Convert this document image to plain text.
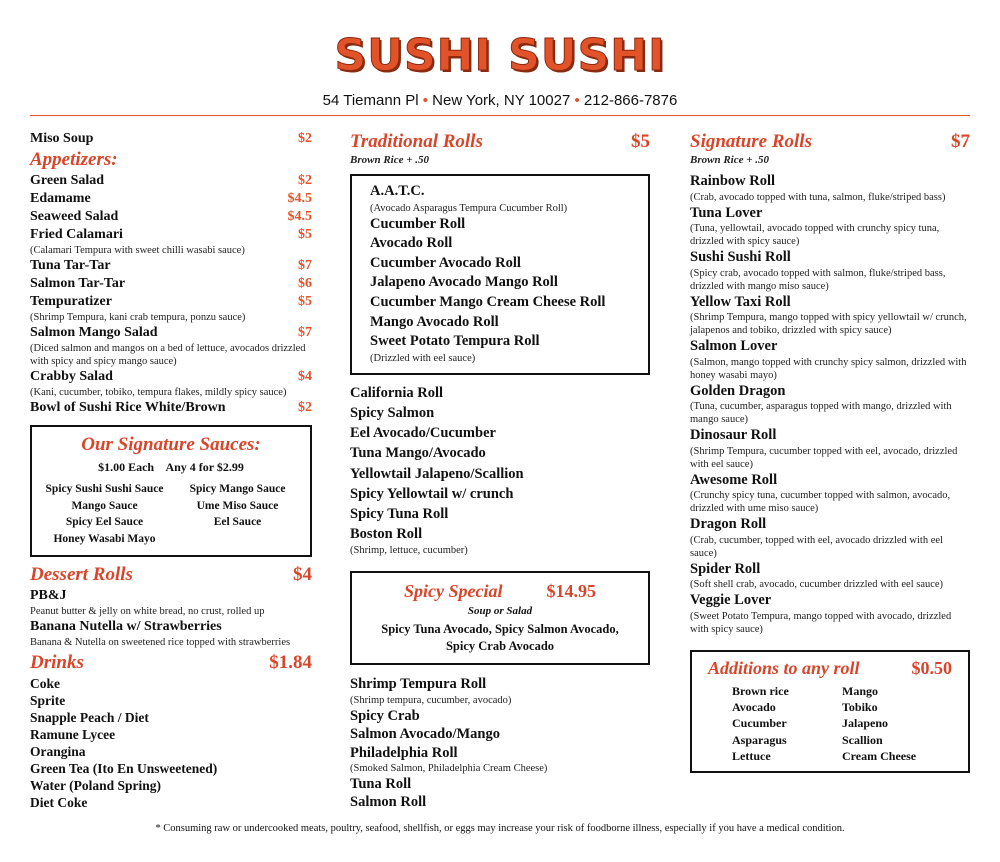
SUSHI SUSHI
54 Tiemann Pl • New York, NY 10027 • 212-866-7876
Miso Soup	$2
Appetizers:
Green Salad	$2
Edamame	$4.5
Seaweed Salad	$4.5
Fried Calamari	$5
(Calamari Tempura with sweet chilli wasabi sauce)
Tuna Tar-Tar	$7
Salmon Tar-Tar	$6
Tempuratizer	$5
(Shrimp Tempura, kani crab tempura, ponzu sauce)
Salmon Mango Salad	$7
(Diced salmon and mangos on a bed of lettuce, avocados drizzled with spicy and spicy mango sauce)
Crabby Salad	$4
(Kani, cucumber, tobiko, tempura flakes, mildly spicy sauce)
Bowl of Sushi Rice White/Brown	$2
Our Signature Sauces:
$1.00 Each Any 4 for $2.99
Spicy Sushi Sushi Sauce	Spicy Mango Sauce
Mango Sauce	Ume Miso Sauce
Spicy Eel Sauce	Eel Sauce
Honey Wasabi Mayo
Dessert Rolls	$4
PB&J
Peanut butter & jelly on white bread, no crust, rolled up
Banana Nutella w/ Strawberries
Banana & Nutella on sweetened rice topped with strawberries
Drinks	$1.84
Coke
Sprite
Snapple Peach / Diet
Ramune Lycee
Orangina
Green Tea (Ito En Unsweetened)
Water (Poland Spring)
Diet Coke
Traditional Rolls	$5
Brown Rice + .50
A.A.T.C.
(Avocado Asparagus Tempura Cucumber Roll)
Cucumber Roll
Avocado Roll
Cucumber Avocado Roll
Jalapeno Avocado Mango Roll
Cucumber Mango Cream Cheese Roll
Mango Avocado Roll
Sweet Potato Tempura Roll
(Drizzled with eel sauce)
California Roll
Spicy Salmon
Eel Avocado/Cucumber
Tuna Mango/Avocado
Yellowtail Jalapeno/Scallion
Spicy Yellowtail w/ crunch
Spicy Tuna Roll
Boston Roll
(Shrimp, lettuce, cucumber)
Spicy Special $14.95
Soup or Salad
Spicy Tuna Avocado, Spicy Salmon Avocado,
Spicy Crab Avocado
Shrimp Tempura Roll
(Shrimp tempura, cucumber, avocado)
Spicy Crab
Salmon Avocado/Mango
Philadelphia Roll
(Smoked Salmon, Philadelphia Cream Cheese)
Tuna Roll
Salmon Roll
Signature Rolls	$7
Brown Rice + .50
Rainbow Roll
(Crab, avocado topped with tuna, salmon, fluke/striped bass)
Tuna Lover
(Tuna, yellowtail, avocado topped with crunchy spicy tuna, drizzled with spicy sauce)
Sushi Sushi Roll
(Spicy crab, avocado topped with salmon, fluke/striped bass, drizzled with mango miso sauce)
Yellow Taxi Roll
(Shrimp Tempura, mango topped with spicy yellowtail w/ crunch, jalapenos and tobiko, drizzled with spicy sauce)
Salmon Lover
(Salmon, mango topped with crunchy spicy salmon, drizzled with honey wasabi mayo)
Golden Dragon
(Tuna, cucumber, asparagus topped with mango, drizzled with mango sauce)
Dinosaur Roll
(Shrimp Tempura, cucumber topped with eel, avocado, drizzled with eel sauce)
Awesome Roll
(Crunchy spicy tuna, cucumber topped with salmon, avocado, drizzled with ume miso sauce)
Dragon Roll
(Crab, cucumber, topped with eel, avocado drizzled with eel sauce)
Spider Roll
(Soft shell crab, avocado, cucumber drizzled with eel sauce)
Veggie Lover
(Sweet Potato Tempura, mango topped with avocado, drizzled with spicy sauce)
Additions to any roll	$0.50
Brown rice	Mango
Avocado	Tobiko
Cucumber	Jalapeno
Asparagus	Scallion
Lettuce	Cream Cheese
* Consuming raw or undercooked meats, poultry, seafood, shellfish, or eggs may increase your risk of foodborne illness, especially if you have a medical condition.
